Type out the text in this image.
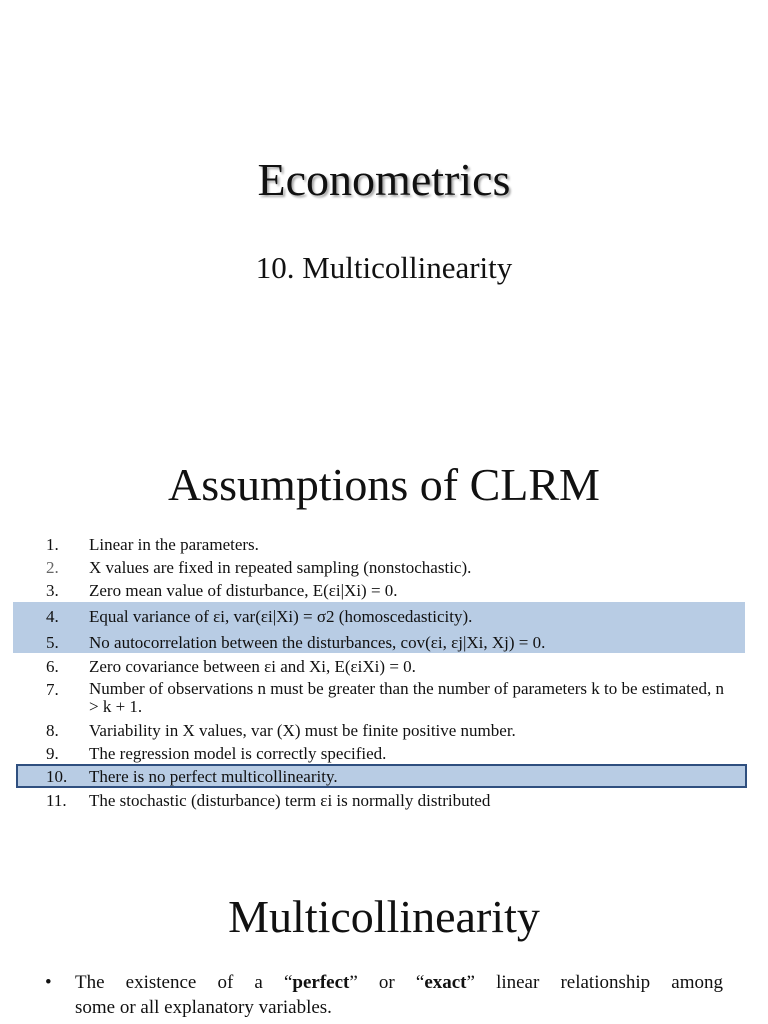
Econometrics
10. Multicollinearity
Assumptions of CLRM
1.	Linear in the parameters.
2.	X values are fixed in repeated sampling (nonstochastic).
3.	Zero mean value of disturbance, E(εi|Xi) = 0.
4.	Equal variance of εi, var(εi|Xi) = σ2 (homoscedasticity).
5.	No autocorrelation between the disturbances, cov(εi, εj|Xi, Xj) = 0.
6.	Zero covariance between εi and Xi, E(εiXi) = 0.
7.	Number of observations n must be greater than the number of parameters k to be estimated, n > k + 1.
8.	Variability in X values, var (X) must be finite positive number.
9.	The regression model is correctly specified.
10.	There is no perfect multicollinearity.
11.	The stochastic (disturbance) term εi is normally distributed
Multicollinearity
• The existence of a “perfect” or “exact” linear relationship among
some or all explanatory variables.
